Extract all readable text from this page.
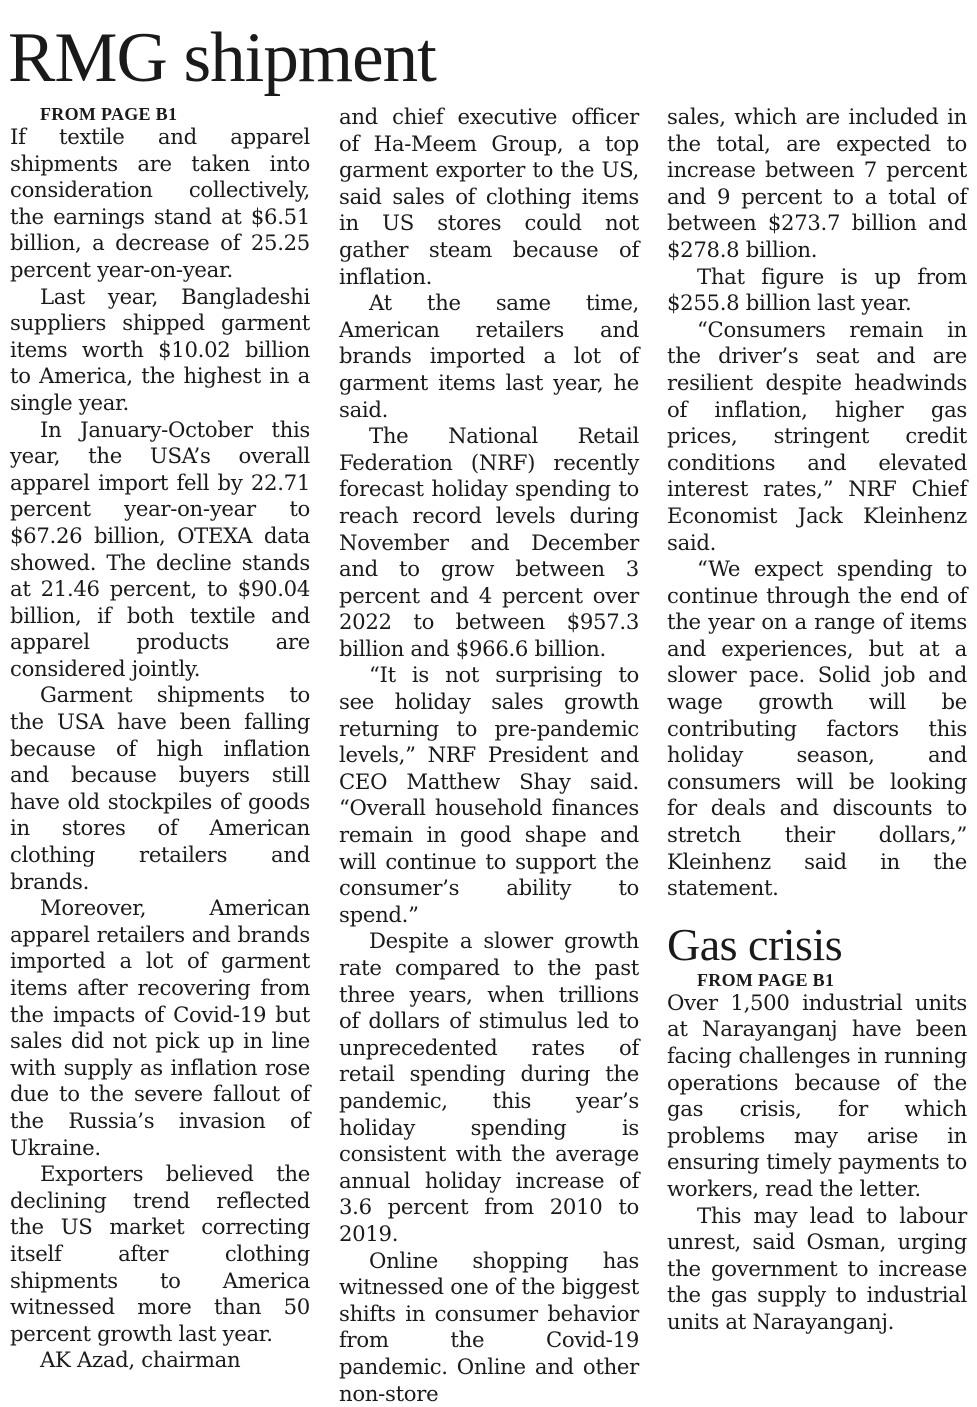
RMG shipment

FROM PAGE B1

If textile and apparel shipments are taken into consideration collectively, the earnings stand at $6.51 billion, a decrease of 25.25 percent year-on-year.

Last year, Bangladeshi suppliers shipped garment items worth $10.02 billion to America, the highest in a single year.

In January-October this year, the USA’s overall apparel import fell by 22.71 percent year-on-year to $67.26 billion, OTEXA data showed. The decline stands at 21.46 percent, to $90.04 billion, if both textile and apparel products are considered jointly.

Garment shipments to the USA have been falling because of high inflation and because buyers still have old stockpiles of goods in stores of American clothing retailers and brands.

Moreover, American apparel retailers and brands imported a lot of garment items after recovering from the impacts of Covid-19 but sales did not pick up in line with supply as inflation rose due to the severe fallout of the Russia’s invasion of Ukraine.

Exporters believed the declining trend reflected the US market correcting itself after clothing shipments to America witnessed more than 50 percent growth last year.

AK Azad, chairman

and chief executive officer of Ha-Meem Group, a top garment exporter to the US, said sales of clothing items in US stores could not gather steam because of inflation.

At the same time, American retailers and brands imported a lot of garment items last year, he said.

The National Retail Federation (NRF) recently forecast holiday spending to reach record levels during November and December and to grow between 3 percent and 4 percent over 2022 to between $957.3 billion and $966.6 billion.

“It is not surprising to see holiday sales growth returning to pre-pandemic levels,” NRF President and CEO Matthew Shay said. “Overall household finances remain in good shape and will continue to support the consumer’s ability to spend.”

Despite a slower growth rate compared to the past three years, when trillions of dollars of stimulus led to unprecedented rates of retail spending during the pandemic, this year’s holiday spending is consistent with the average annual holiday increase of 3.6 percent from 2010 to 2019.

Online shopping has witnessed one of the biggest shifts in consumer behavior from the Covid-19 pandemic. Online and other non-store

sales, which are included in the total, are expected to increase between 7 percent and 9 percent to a total of between $273.7 billion and $278.8 billion.

That figure is up from $255.8 billion last year.

“Consumers remain in the driver’s seat and are resilient despite headwinds of inflation, higher gas prices, stringent credit conditions and elevated interest rates,” NRF Chief Economist Jack Kleinhenz said.

“We expect spending to continue through the end of the year on a range of items and experiences, but at a slower pace. Solid job and wage growth will be contributing factors this holiday season, and consumers will be looking for deals and discounts to stretch their dollars,” Kleinhenz said in the statement.

Gas crisis

FROM PAGE B1

Over 1,500 industrial units at Narayanganj have been facing challenges in running operations because of the gas crisis, for which problems may arise in ensuring timely payments to workers, read the letter.

This may lead to labour unrest, said Osman, urging the government to increase the gas supply to industrial units at Narayanganj.
